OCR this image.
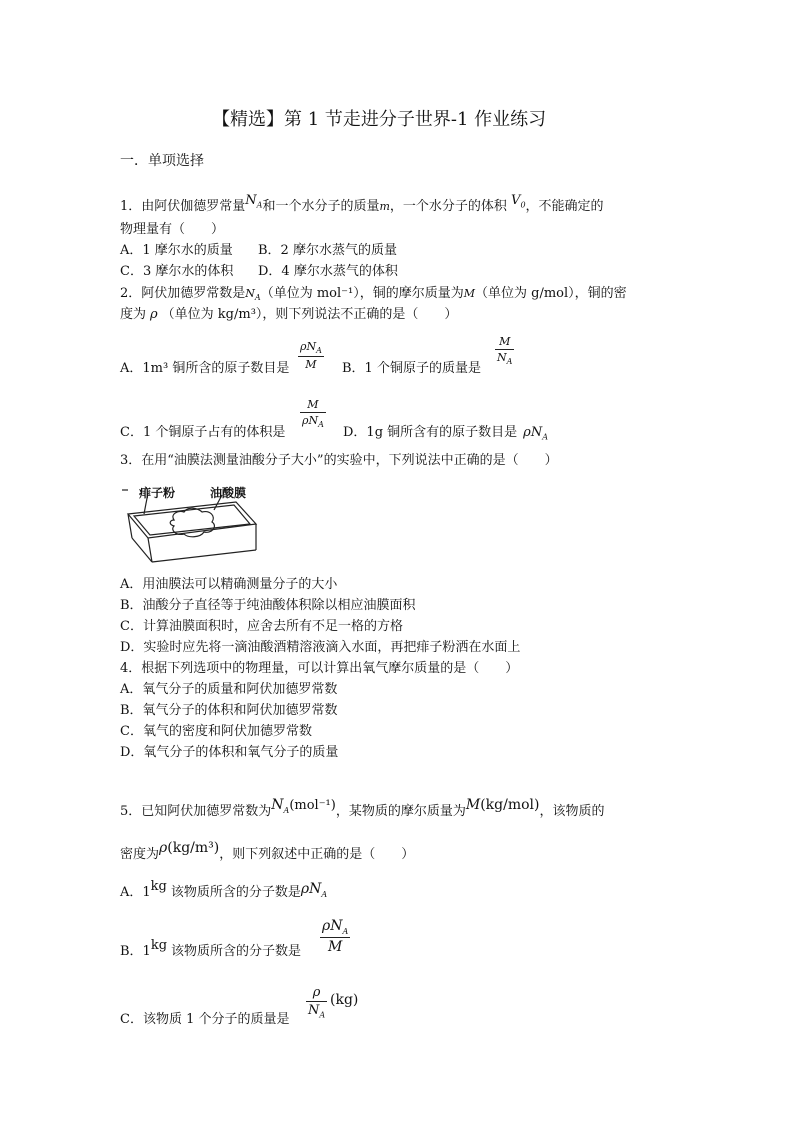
【精选】第 1 节走进分子世界-1 作业练习
一．单项选择
1．由阿伏伽德罗常量$N_A$和一个水分子的质量m，一个水分子的体积 $V_0$，不能确定的
物理量有（　　）
A．1 摩尔水的质量 B．2 摩尔水蒸气的质量
C．3 摩尔水的体积 D．4 摩尔水蒸气的体积
2．阿伏加德罗常数是$N_A$（单位为 mol⁻¹），铜的摩尔质量为M（单位为 g/mol），铜的密
度为 ρ （单位为 kg/m³），则下列说法不正确的是（　　）
A．1m³ 铜所含的原子数目是
$\rho N_A$
M	B．1 个铜原子的质量是
M
$N_A$
C．1 个铜原子占有的体积是
M
$\rho N_A$
D．1g 铜所含有的原子数目是 $\rho N_A$
3．在用“油膜法测量油酸分子大小”的实验中，下列说法中正确的是（　　）
痱子粉	油酸膜
A．用油膜法可以精确测量分子的大小
B．油酸分子直径等于纯油酸体积除以相应油膜面积
C．计算油膜面积时，应舍去所有不足一格的方格
D．实验时应先将一滴油酸酒精溶液滴入水面，再把痱子粉洒在水面上
4．根据下列选项中的物理量，可以计算出氧气摩尔质量的是（　　）
A．氧气分子的质量和阿伏加德罗常数
B．氧气分子的体积和阿伏加德罗常数
C．氧气的密度和阿伏加德罗常数
D．氧气分子的体积和氧气分子的质量
5．已知阿伏加德罗常数为$N_A(mol^{-1})$，某物质的摩尔质量为M(kg/mol)，该物质的
密度为ρ(kg/m³)，则下列叙述中正确的是（　　）
A．1kg 该物质所含的分子数是$\rho N_A$
B．1kg 该物质所含的分子数是
$\rho N_A$
M
C．该物质 1 个分子的质量是
ρ
$N_A$
(kg)
